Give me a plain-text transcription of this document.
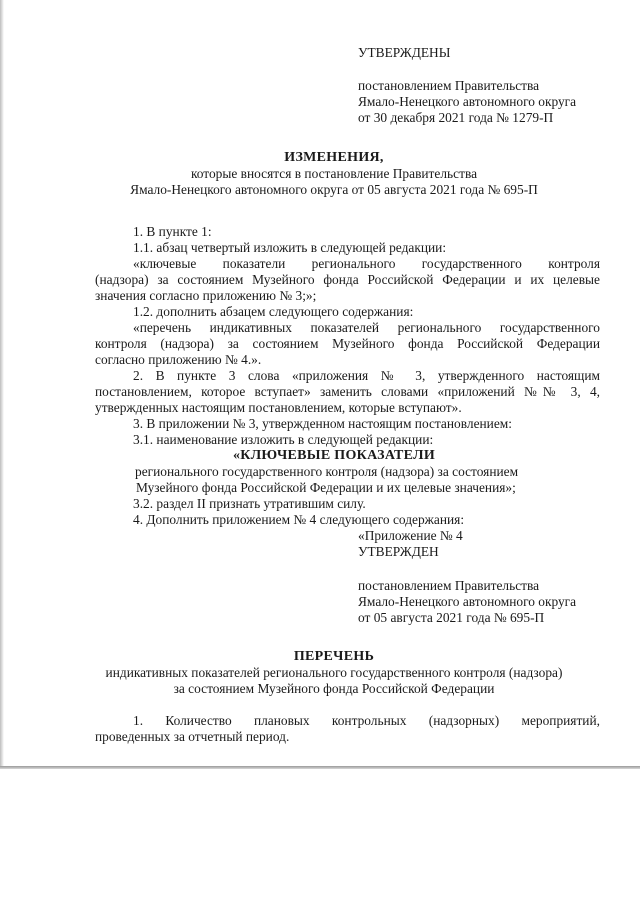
УТВЕРЖДЕНЫ
постановлением Правительства
Ямало-Ненецкого автономного округа
от 30 декабря 2021 года № 1279-П
ИЗМЕНЕНИЯ,
которые вносятся в постановление Правительства
Ямало-Ненецкого автономного округа от 05 августа 2021 года № 695-П
1. В пункте 1:
1.1. абзац четвертый изложить в следующей редакции:
«ключевые показатели регионального государственного контроля
(надзора) за состоянием Музейного фонда Российской Федерации и их целевые
значения согласно приложению № 3;»;
1.2. дополнить абзацем следующего содержания:
«перечень индикативных показателей регионального государственного
контроля (надзора) за состоянием Музейного фонда Российской Федерации
согласно приложению № 4.».
2. В пункте 3 слова «приложения № 3, утвержденного настоящим
постановлением, которое вступает» заменить словами «приложений №№ 3, 4,
утвержденных настоящим постановлением, которые вступают».
3. В приложении № 3, утвержденном настоящим постановлением:
3.1. наименование изложить в следующей редакции:
«КЛЮЧЕВЫЕ ПОКАЗАТЕЛИ
регионального государственного контроля (надзора) за состоянием
Музейного фонда Российской Федерации и их целевые значения»;
3.2. раздел II признать утратившим силу.
4. Дополнить приложением № 4 следующего содержания:
«Приложение № 4
УТВЕРЖДЕН
постановлением Правительства
Ямало-Ненецкого автономного округа
от 05 августа 2021 года № 695-П
ПЕРЕЧЕНЬ
индикативных показателей регионального государственного контроля (надзора)
за состоянием Музейного фонда Российской Федерации
1. Количество плановых контрольных (надзорных) мероприятий,
проведенных за отчетный период.
